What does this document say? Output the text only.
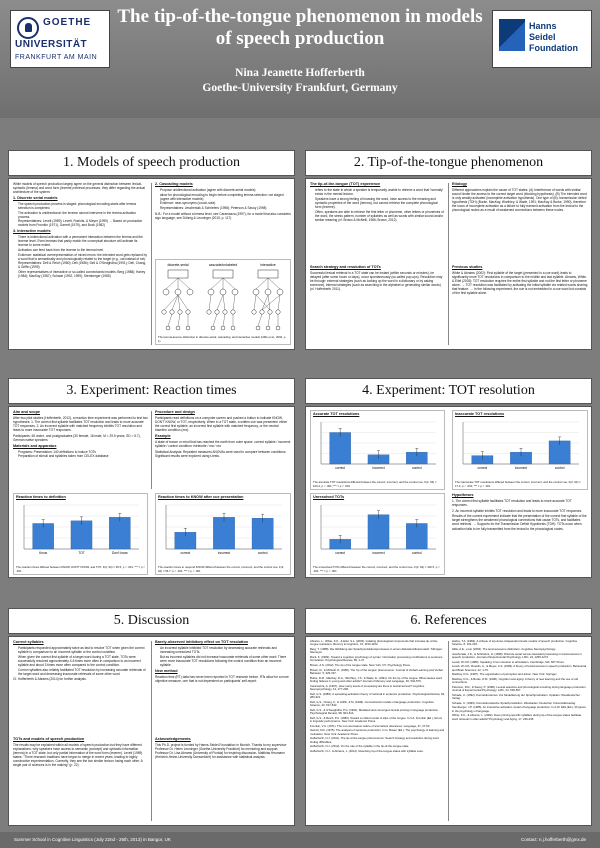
GOETHE
UNIVERSITÄT
FRANKFURT AM MAIN
The tip-of-the-tongue phenomenon in models of speech production
Nina Jeanette Hofferberth
Goethe-University Frankfurt, Germany
Hanns
Seidel
Foundation
1. Models of speech production

While models of speech production largely agree on the general distinction between lexical-syntactic (lemma) and word form (lexeme) retrieval processes, they differ regarding the actual architecture of the system:

1. Discrete serial models
• The speech production process is staged: phonological encoding starts after lemma selection is completed.
• The activation is unidirectional: the lexeme cannot intervene in the lemma activation process.
• Representatives: Levelt (1989); Levelt, Roelofs, & Meyer (1999) → Based on production models from Fromkin (1971), Garrett (1975), and Bock (1982)
3. Interactive models
• There is bidirectional activation with a permanent interaction between the lemma and the lexeme level. Even lemmas that partly match the conceptual structure will activate its lexeme to some extent.
• Activation can feed back from the lexeme to the lemma level.
• Evidence: statistical overrepresentation of mixed errors: the intended word gets replaced by a word that is semantically and phonologically related to the target (e.g., cat instead of rat).
• Representatives: Dell & Reich (1980); Dell (1986); Dell & O'Seaghdha (1991); Dell, Chang, & Griffin (1999)
• Other representatives of interactive or so-called connectionist models: Berg (1988); Harley (1984); MacKay (1987); Schade (1992, 1999); Stemberger (1985)
2. Cascading models
• Propose unidirectional activation (agree with discrete-serial models)
• allow for phonological encoding to begin before completing lemma selection: not staged (agree with interactive models)
• Evidence: near-synonyms (couch-sofa)
• Representatives: Jescheniak & Schriefers (1998); Peterson & Savoy (1998)

N.B.: For a model without a lemma level, see Caramazza (1997); for a model that also considers sign language, see Dühnig & Leuninger (2015, p. 117)

discrete-serial	cascade/unlabeled	interactive
The lemma-lexeme distinction in discrete-serial, cascading, and interactive models (Hillis et al., 2002, p. 1).
2. Tip-of-the-tongue phenomenon
The tip-of-the-tongue (TOT) experience
• refers to the state in which a speaker is temporarily unable to retrieve a word that 'normally' exists in the mental lexicon.
• Speakers have a strong feeling of knowing the word, have access to the meaning and syntactic properties of the word (lemma), but cannot retrieve the complete phonological form (lexeme).
• Often, speakers are able to retrieve the first letter or phoneme, other letters or phonemes of the word, the stress pattern, number of syllables as well as words with similar sound and/or similar meaning (cf. Brown & McNeill, 1966; Brown, 2012).
Search strategy and resolution of TOTs

Successful lexical retrieval in a TOT state can be instant (within seconds or minutes), be delayed (after some hours or days), occur spontaneously (so-called pop-ups). Resolution may be through: external strategies (such as looking up the word in a dictionary or by asking someone), internal strategies (such as searching in the alphabet or generating similar words) (cf. Hofferberth 2011).

Etiology

Different approaches explain the cause of TOT states: (A) Interference of words with similar sound hinder the access to the correct target word (blocking hypothesis). (B) The intended word is only weakly activated (incomplete activation hypothesis). One type of (B): transmission deficit hypothesis (TDH) (Burke, MacKay, Worthley, & Wade, 1991; MacKay & Burke, 1990), therefore the locus of incomplete activation as a failure to fully transmit activation from the lexical to the phonological nodes as a result of weakened connections between these nodes.

Previous studies

White & Abrams (2002): First syllable of the target (presented in a cue word) leads to significantly more TOT resolutions in comparison to the middle and last syllable. Abrams, White, & Eitel (2003): TOT resolution requires the entire first syllable and not the first letter or phoneme alone. → TOT resolution was facilitated by activating the initial syllable via related words sharing that feature. → In the following experiment, the cue is not embedded in a cue word but consists of the first syllable alone.

3. Experiment: Reaction times
Aim and scope

After two pilot studies (Hofferberth, 2012), a reaction time experiment was performed to test two hypotheses: 1. The correct first syllable facilitates TOT resolution and leads to more accurate TOT responses. 2. An incorrect syllable with matched frequency inhibits TOT resolution and leads to more inaccurate TOT responses.

Participants: 48 under- and postgraduates (30 female, 18 male, M = 29.5 years, SD = 5.7), German native speakers

Materials and apparatus
• Programs: Presentation: 140 definitions to induce TOTs
• Preparation of stimuli and syllables taken from CELEX database
Procedure and design

Participants read definitions on a computer screen and pushed a button to indicate KNOW, DON'T KNOW, or TOT, respectively. When in a TOT state, a written cue was presented: either the correct first syllable, an incorrect first syllable with matched frequency, or the neutral baseline condition (xxx).

Example

A state of trance or mind that has reached the earth from outer space: correct syllable / incorrect syllable / control condition: meteorite / ma / xxx

Statistical Analysis: Repeated measures ANOVAs were used to compare between conditions. Significant results were explored using t-tests.

Reaction times to definition
Know	TOT	Don't know
The reaction times differed between KNOW, DON'T KNOW, and TOT, F(2, 94) = 45.5, p < .001; *** = p < .001
Reaction times to KNOW after cue presentation
correct	incorrect	control
The reaction times to respond KNOW differed between the correct, incorrect, and the control cue, F(2, 94) = 56.7, p < .001; *** = p < .001
4. Experiment: TOT resolution
Accurate TOT resolutions
correct	incorrect	control
The accurate TOT resolutions differed between the correct, incorrect, and the control cue, F(2, 94) = 100.2, p < .001; *** = p < .001
Inaccurate TOT resolutions
correct	incorrect	control
The inaccurate TOT resolutions differed between the correct, incorrect, and the control cue, F(2, 94) = 17.4, p < .001; *** = p < .001
Unresolved TOTs
correct	incorrect	control
The unresolved TOTs differed between the correct, incorrect, and the control cue, F(2, 94) = 102.5, p < .001; *** = p < .001
Hypotheses

1. The correct first syllable facilitates TOT resolution and leads to more accurate TOT responses.

2. An incorrect syllable inhibits TOT resolution and leads to more inaccurate TOT responses.

Results of the current experiment indicate that the presentation of the correct first syllable of the target strengthens the weakened phonological connections that cause TOTs, and facilitates word retrieval. → Supports for the Transmission Deficit Hypothesis (TDH): TOTs occur when activation fails to be fully transmitted from the lexical to the phonological nodes.

5. Discussion
Correct syllables
• Participants responded approximately twice as fast to resolve TOT when given the correct syllable in comparison to an incorrect syllable or the control condition.
• When given the correct first syllable of a target word during a TOT state, TOTs were successfully resolved approximately 4-6 times more often in comparison to an incorrect syllable and about 3 times more often compared to the control condition.
• Correct syllables also reliably facilitated TOT resolution by increasing accurate retrievals of the target word and decreasing inaccurate retrievals of some other word.

Cf. Hofferberth & Abrams (2014) for further analysis.

TOTs and models of speech production

The results may be explained within all models of speech production but they have different explanations: why speakers have access to semantic (concept) and syntactic information (lemma) in a TOT state, but only partial information of the word form (lexeme). Levelt (1989) states: "There research traditions have begun to merge in recent years, leading to highly constructive experimentation. Currently, they see the two similar lexicon fusing each other. A single pair of sciences is in the making" (p. 22).

Barely-observed inhibitory effect on TOT resolution
• An incorrect syllable inhibited TOT resolution by decreasing accurate retrievals and increasing unresolved TOTs.
• But as incorrect syllables did not increase inaccurate retrievals of some other word: There were more inaccurate TOT resolutions following the control condition than an incorrect syllable.
New method

Reaction time (RT) data has never been reported in TOT research before. RTs allow for a more objective measure, one that is not dependent on participants' self-report.

Acknowledgements

This Ph.D. project is funded by Hanns-Seidel-Foundation in Munich. Thanks to my supervisor Professor Dr. Helen Leuninger (Goethe-University Frankfurt) for mentoring and support, Professor Dr. Lisa Abrams (University of Florida) for inspiring discussion, Matthias Heumann (Heinrich-Heine-University Duesseldorf) for assistance with statistical analysis.

6. References

Abrams, L., White, K.K., & Eitel, S.L. (2003). Isolating phonological components that increase tip-of-the-tongue resolution. Memory & Cognition, 31, 1153-1162.

Berg, T. (1988). Die Abbildung des Sprachproduktionsprozesses in einem Aktivationsflussmodell. Tübingen: Niemeyer.

Bock, K. (1982). Toward a cognitive psychology of syntax: Information processing contributions to sentence formulation. Psychological Review, 89, 1-47.

Brown, A.S. (2012). The tip of the tongue state. New York, NY: Psychology Press.

Brown, R., & McNeill, D. (1966). The 'tip of the tongue' phenomenon. Journal of Verbal Learning and Verbal Behavior, 5, 325-337.

Burke, D.M., MacKay, D.G., Worthley, J.S., & Wade, E. (1991). On the tip of the tongue: What causes word finding failures in young and older adults? Journal of Memory and Language, 30, 542-579.

Caramazza, A. (1997). How many levels of processing are there in lexical access? Cognitive Neuropsychology, 14, 177-208.

Dell, G.S. (1986). A spreading-activation theory of retrieval in sentence production. Psychological Review, 93, 283-321.

Dell, G.S., Chang, F., & Griffin, Z.M. (1999). Connectionist models of language production. Cognitive Science, 23, 517-542.

Dell, G.S., & O'Seaghdha, P.G. (1991). Mediated and convergent lexical priming in language production. Psychological Review, 98, 604-614.

Dell, G.S., & Reich, P.A. (1980). Toward a unified model of slips of the tongue. In V.A. Fromkin (Ed.), Errors in linguistic performance. New York: Academic Press.

Fromkin, V.A. (1971). The non-anomalous nature of anomalous utterances. Language, 47, 27-52.

Garrett, M.F. (1975). The analysis of sentence production. In G. Bower (Ed.), The psychology of learning and motivation. New York: Academic Press.

Hofferberth, N.J. (2011). The tip-of-the-tongue phenomenon: Search strategy and resolution during word finding difficulties.

Hofferberth, N.J. (2012). On the role of the syllable in the tip-of-the-tongue state.

Hofferberth, N.J., & Abrams, L. (2014). Resolving tip-of-the-tongue states with syllable cues.

Harley, T.A. (1984). A critique of top-down independent levels models of speech production. Cognitive Science, 8, 191-219.

Hillis, A.E., et al. (2002). The lemma-lexeme distinction. Cognitive Neuropsychology.

Jescheniak, J.D., & Schriefers, H. (1998). Discrete serial versus cascaded processing in lexical access in speech production. Journal of Experimental Psychology: LMC, 24, 1256-1274.

Levelt, W.J.M. (1989). Speaking: From intention to articulation. Cambridge, MA: MIT Press.

Levelt, W.J.M., Roelofs, A., & Meyer, A.S. (1999). A theory of lexical access in speech production. Behavioral and Brain Sciences, 22, 1-75.

MacKay, D.G. (1987). The organization of perception and action. New York: Springer.

MacKay, D.G., & Burke, D.M. (1990). Cognition and aging: A theory of new learning and the use of old connections.

Peterson, R.R., & Savoy, P. (1998). Lexical selection and phonological encoding during language production. Journal of Experimental Psychology: LMC, 24, 539-557.

Schade, U. (1992). Konnektionismus: Zur Modellierung der Sprachproduktion. Opladen: Westdeutscher Verlag.

Schade, U. (1999). Konnektionistische Sprachproduktion. Wiesbaden: Deutscher Universitätsverlag.

Stemberger, J.P. (1985). An interactive activation model of language production. In A.W. Ellis (Ed.), Progress in the psychology of language.

White, K.K., & Abrams, L. (2002). Does priming specific syllables during tip-of-the-tongue states facilitate word retrieval in older adults? Psychology and Aging, 17, 226-235.

Summer School in Cognitive Linguistics (July 22nd - 26th, 2013) in Bangor, UK	Contact: n.j.hofferberth@gmx.de
